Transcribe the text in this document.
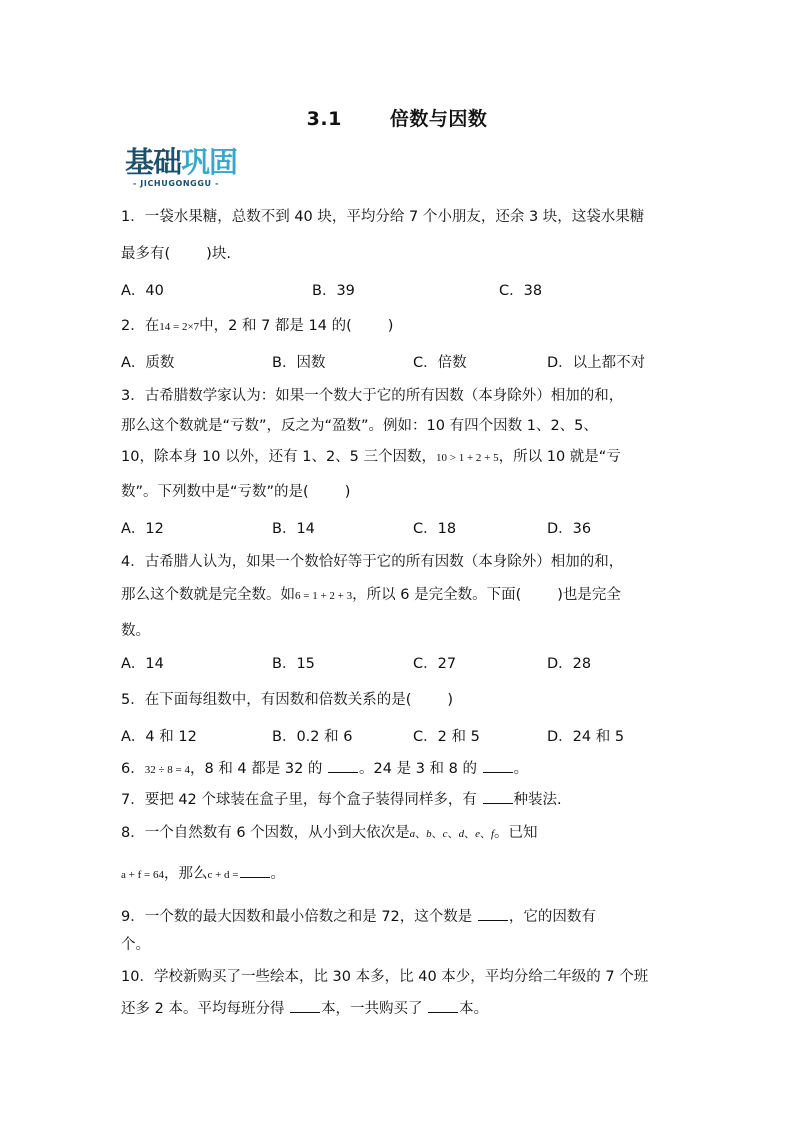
3.1	倍数与因数
基础巩固
- JICHUGONGGU -
1．一袋水果糖，总数不到 40 块，平均分给 7 个小朋友，还余 3 块，这袋水果糖
最多有( )块.
A．40	B．39	C．38
2．在14 = 2×7中，2 和 7 都是 14 的( )
A．质数	B．因数	C．倍数	D．以上都不对
3．古希腊数学家认为：如果一个数大于它的所有因数（本身除外）相加的和，
那么这个数就是“亏数”，反之为“盈数”。例如：10 有四个因数 1、2、5、
10，除本身 10 以外，还有 1、2、5 三个因数，10 > 1 + 2 + 5，所以 10 就是“亏
数”。下列数中是“亏数”的是( )
A．12	B．14	C．18	D．36
4．古希腊人认为，如果一个数恰好等于它的所有因数（本身除外）相加的和，
那么这个数就是完全数。如6 = 1 + 2 + 3，所以 6 是完全数。下面( )也是完全
数。
A．14	B．15	C．27	D．28
5．在下面每组数中，有因数和倍数关系的是( )
A．4 和 12	B．0.2 和 6	C．2 和 5	D．24 和 5
6．32 ÷ 8 = 4，8 和 4 都是 32 的 。24 是 3 和 8 的 。
7．要把 42 个球装在盒子里，每个盒子装得同样多，有 种装法.
8．一个自然数有 6 个因数，从小到大依次是a、b、c、d、e、f。已知
a + f = 64，那么c + d = 。
9．一个数的最大因数和最小倍数之和是 72，这个数是 ，它的因数有
个。
10．学校新购买了一些绘本，比 30 本多，比 40 本少，平均分给二年级的 7 个班
还多 2 本。平均每班分得 本，一共购买了 本。
